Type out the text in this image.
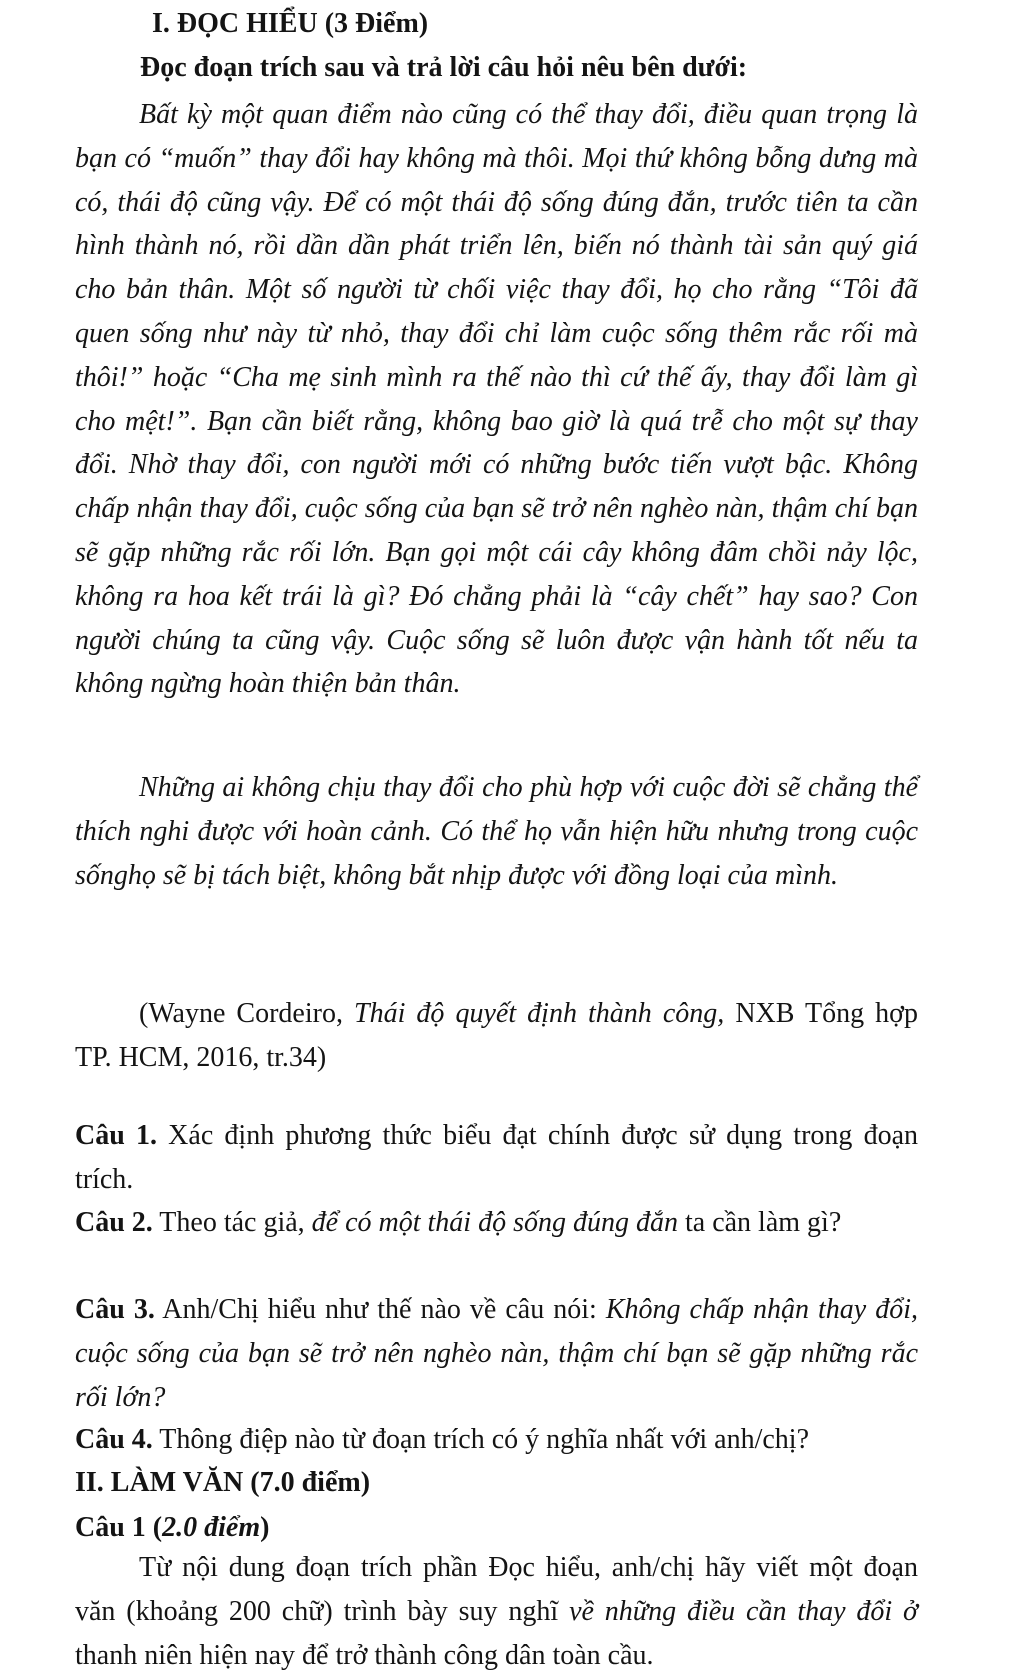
I. ĐỌC HIỂU (3 Điểm)
Đọc đoạn trích sau và trả lời câu hỏi nêu bên dưới:

Bất kỳ một quan điểm nào cũng có thể thay đổi, điều quan trọng là bạn có “muốn” thay đổi hay không mà thôi. Mọi thứ không bỗng dưng mà có, thái độ cũng vậy. Để có một thái độ sống đúng đắn, trước tiên ta cần hình thành nó, rồi dần dần phát triển lên, biến nó thành tài sản quý giá cho bản thân. Một số người từ chối việc thay đổi, họ cho rằng “Tôi đã quen sống như này từ nhỏ, thay đổi chỉ làm cuộc sống thêm rắc rối mà thôi!” hoặc “Cha mẹ sinh mình ra thế nào thì cứ thế ấy, thay đổi làm gì cho mệt!”. Bạn cần biết rằng, không bao giờ là quá trễ cho một sự thay đổi. Nhờ thay đổi, con người mới có những bước tiến vượt bậc. Không chấp nhận thay đổi, cuộc sống của bạn sẽ trở nên nghèo nàn, thậm chí bạn sẽ gặp những rắc rối lớn. Bạn gọi một cái cây không đâm chồi nảy lộc, không ra hoa kết trái là gì? Đó chẳng phải là “cây chết” hay sao? Con người chúng ta cũng vậy. Cuộc sống sẽ luôn được vận hành tốt nếu ta không ngừng hoàn thiện bản thân.

Những ai không chịu thay đổi cho phù hợp với cuộc đời sẽ chẳng thể thích nghi được với hoàn cảnh. Có thể họ vẫn hiện hữu nhưng trong cuộc sốnghọ sẽ bị tách biệt, không bắt nhịp được với đồng loại của mình.

(Wayne Cordeiro, Thái độ quyết định thành công, NXB Tổng hợp TP. HCM, 2016, tr.34)

Câu 1. Xác định phương thức biểu đạt chính được sử dụng trong đoạn trích.

Câu 2. Theo tác giả, để có một thái độ sống đúng đắn ta cần làm gì?

Câu 3. Anh/Chị hiểu như thế nào về câu nói: Không chấp nhận thay đổi, cuộc sống của bạn sẽ trở nên nghèo nàn, thậm chí bạn sẽ gặp những rắc rối lớn?

Câu 4. Thông điệp nào từ đoạn trích có ý nghĩa nhất với anh/chị?

II. LÀM VĂN (7.0 điểm)
Câu 1 (2.0 điểm)

Từ nội dung đoạn trích phần Đọc hiểu, anh/chị hãy viết một đoạn văn (khoảng 200 chữ) trình bày suy nghĩ về những điều cần thay đổi ở thanh niên hiện nay để trở thành công dân toàn cầu.
